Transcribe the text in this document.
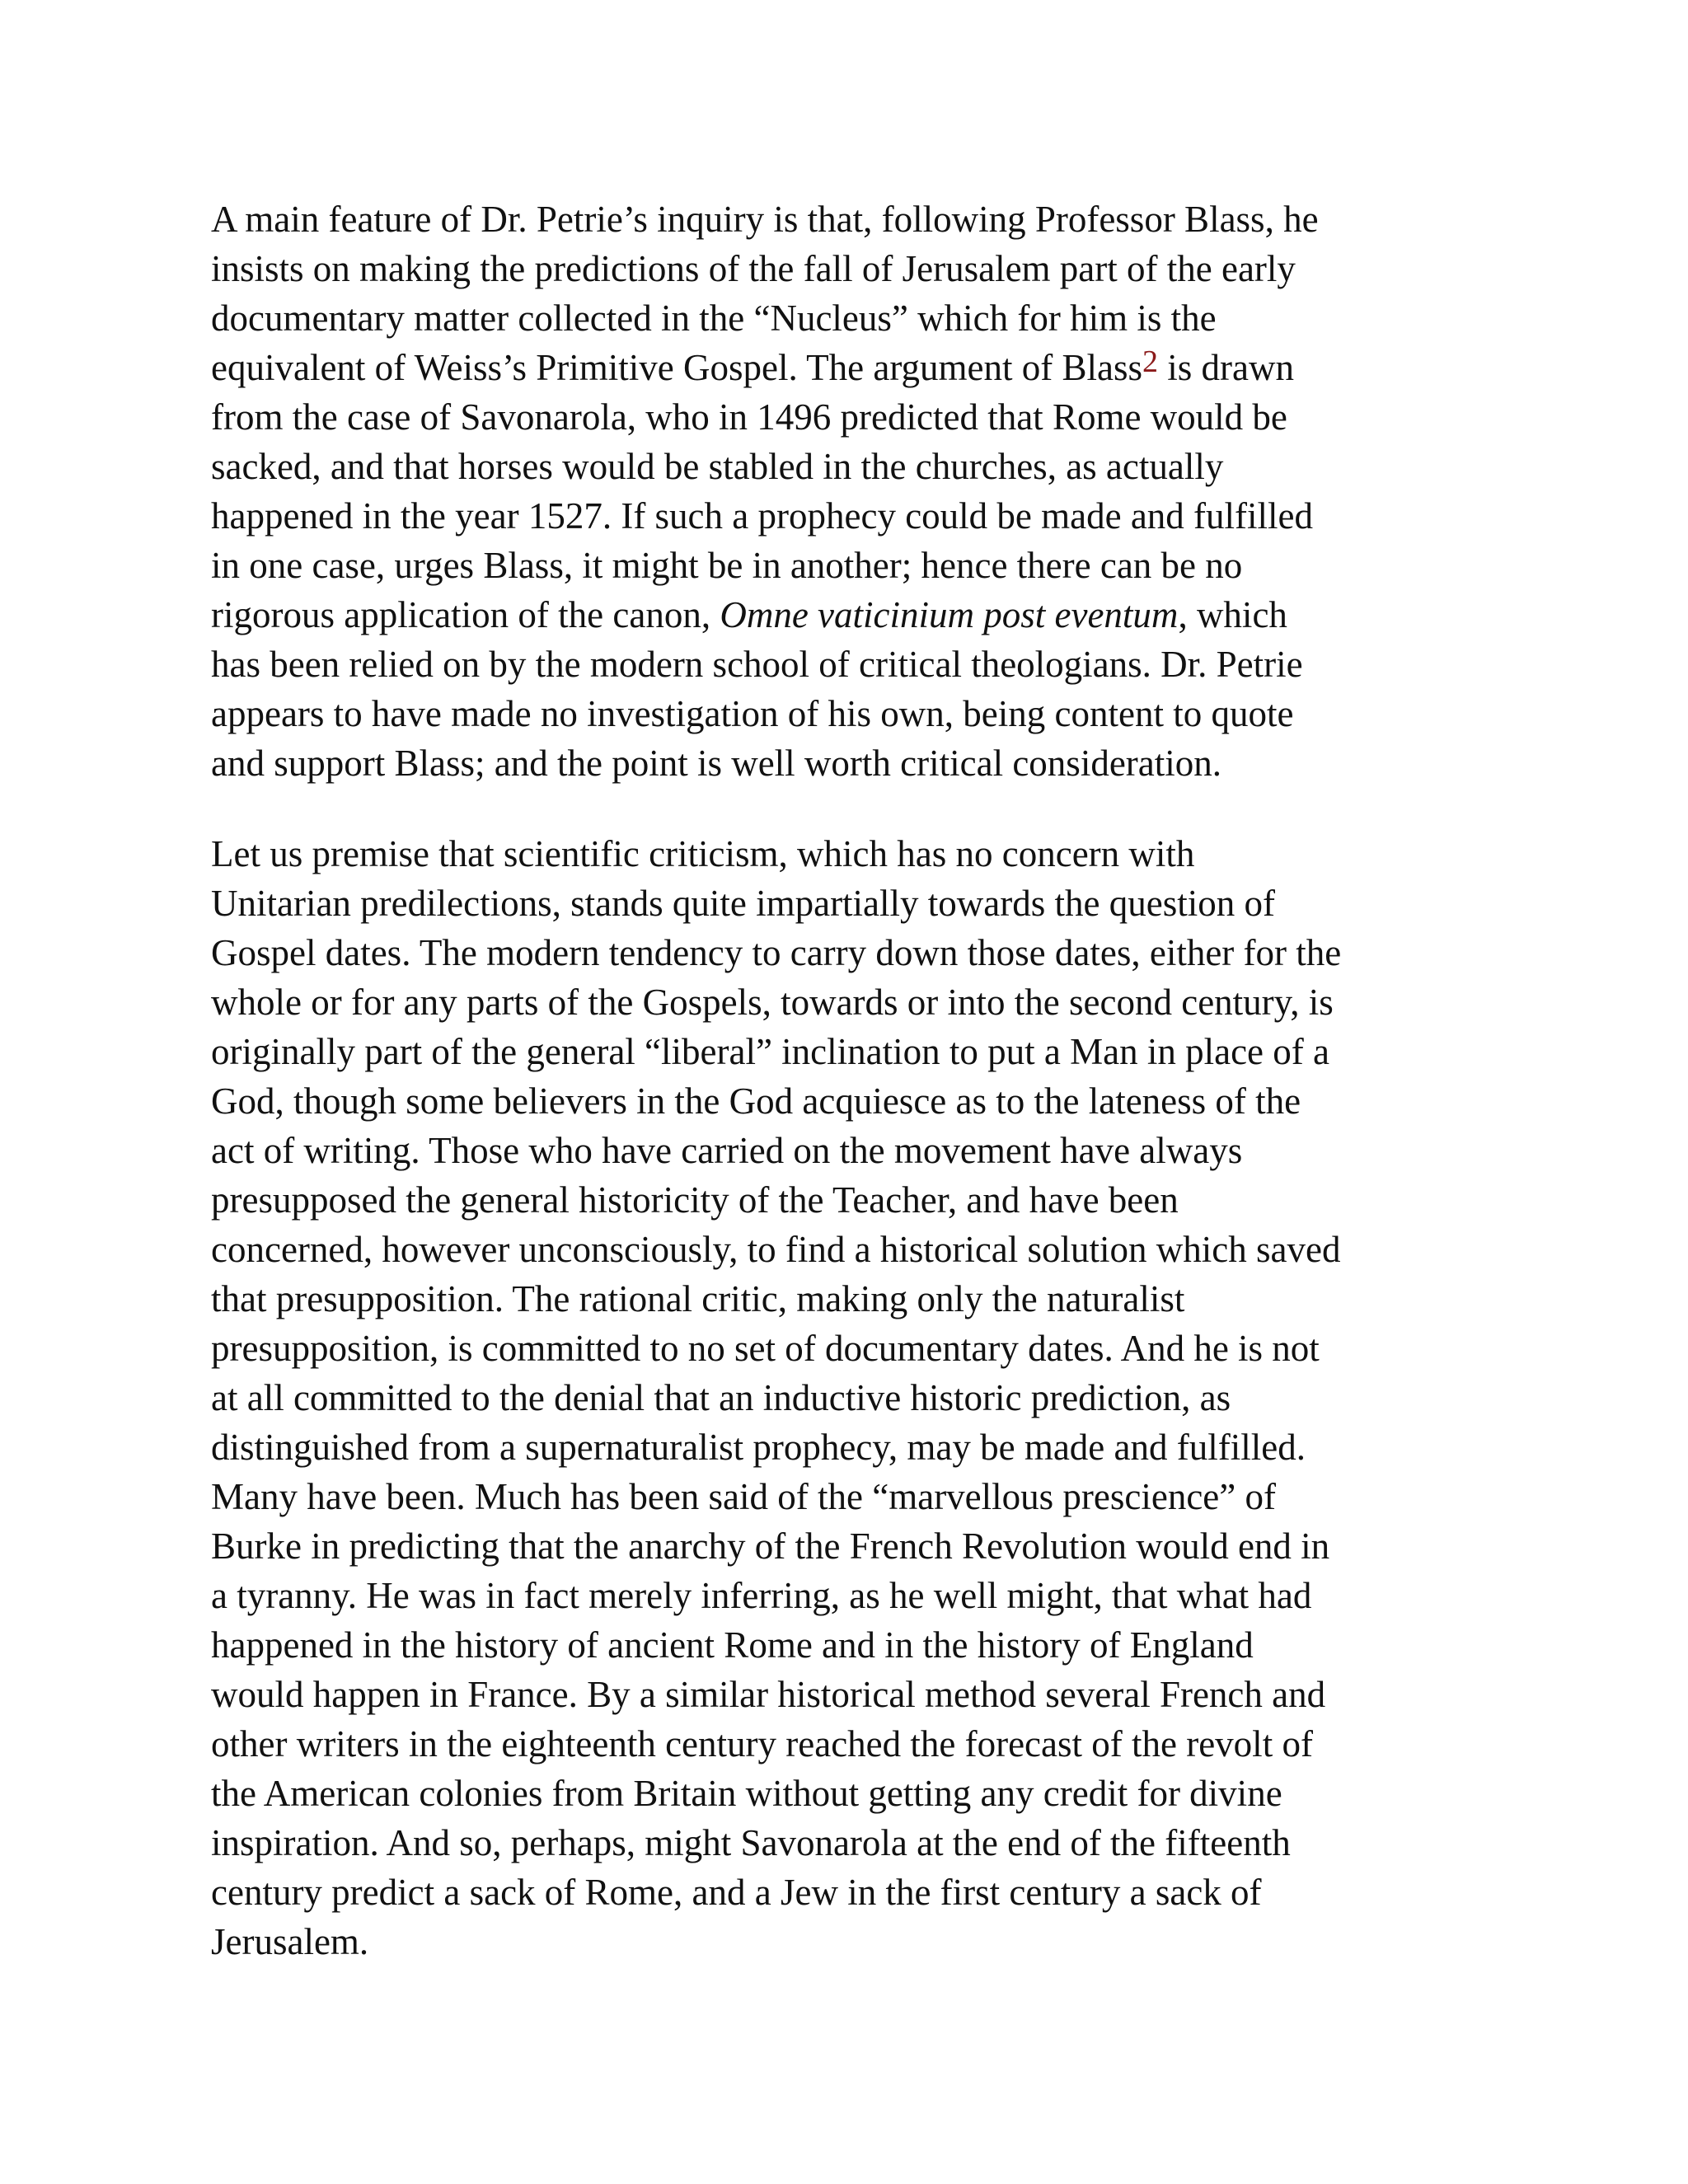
A main feature of Dr. Petrie’s inquiry is that, following Professor Blass, he
insists on making the predictions of the fall of Jerusalem part of the early
documentary matter collected in the “Nucleus” which for him is the
equivalent of Weiss’s Primitive Gospel. The argument of Blass$^2$ is drawn
from the case of Savonarola, who in 1496 predicted that Rome would be
sacked, and that horses would be stabled in the churches, as actually
happened in the year 1527. If such a prophecy could be made and fulfilled
in one case, urges Blass, it might be in another; hence there can be no
rigorous application of the canon, Omne vaticinium post eventum, which
has been relied on by the modern school of critical theologians. Dr. Petrie
appears to have made no investigation of his own, being content to quote
and support Blass; and the point is well worth critical consideration.

Let us premise that scientific criticism, which has no concern with
Unitarian predilections, stands quite impartially towards the question of
Gospel dates. The modern tendency to carry down those dates, either for the
whole or for any parts of the Gospels, towards or into the second century, is
originally part of the general “liberal” inclination to put a Man in place of a
God, though some believers in the God acquiesce as to the lateness of the
act of writing. Those who have carried on the movement have always
presupposed the general historicity of the Teacher, and have been
concerned, however unconsciously, to find a historical solution which saved
that presupposition. The rational critic, making only the naturalist
presupposition, is committed to no set of documentary dates. And he is not
at all committed to the denial that an inductive historic prediction, as
distinguished from a supernaturalist prophecy, may be made and fulfilled.
Many have been. Much has been said of the “marvellous prescience” of
Burke in predicting that the anarchy of the French Revolution would end in
a tyranny. He was in fact merely inferring, as he well might, that what had
happened in the history of ancient Rome and in the history of England
would happen in France. By a similar historical method several French and
other writers in the eighteenth century reached the forecast of the revolt of
the American colonies from Britain without getting any credit for divine
inspiration. And so, perhaps, might Savonarola at the end of the fifteenth
century predict a sack of Rome, and a Jew in the first century a sack of
Jerusalem.
